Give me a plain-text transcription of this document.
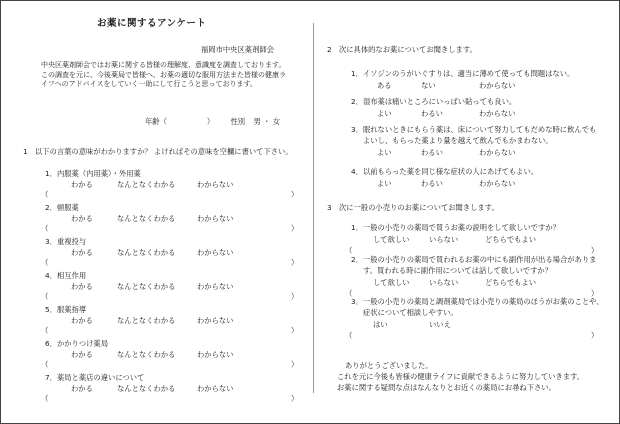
お薬に関するアンケート
福岡市中央区薬剤師会
中央区薬剤師会ではお薬に関する皆様の理解度、意識度を調査しております。この調査を元に、今後薬局で皆様へ、お薬の適切な服用方法また皆様の健康ライフへのアドバイスをしていく一助にして行こうと思っております。
年齢（	） 性別 男 ・ 女
1　以下の言葉の意味がわかりますか？ よければその意味を空欄に書いて下さい。
1．内服薬（内用薬）・外用薬
わかる	なんとなくわかる	わからない
（	）
2．頓服薬
わかる	なんとなくわかる	わからない
（	）
3．重複投与
わかる	なんとなくわかる	わからない
（	）
4．相互作用
わかる	なんとなくわかる	わからない
（	）
5．服薬指導
わかる	なんとなくわかる	わからない
（	）
6．かかりつけ薬局
わかる	なんとなくわかる	わからない
（	）
7．薬局と薬店の違いについて
わかる	なんとなくわかる	わからない
（	）
2　次に具体的なお薬についてお聞きします。
1．イソジンのうがいぐすりは、適当に薄めて使っても問題はない。
ある	ない	わからない
2．湿布薬は痛いところにいっぱい貼っても良い。
よい	わるい	わからない
3．眠れないときにもらう薬は、床について努力してもだめな時に飲んでも
よいし、もらった薬より量を越えて飲んでもかまわない。
よい	わるい	わからない
4．以前もらった薬を同じ様な症状の人にあげてもよい。
よい	わるい	わからない
3　次に一般の小売りのお薬についてお聞きします。
1．一般の小売りの薬局で買うお薬の説明をして欲しいですか？
して欲しい	いらない	どちらでもよい
（	）
2．一般の小売りの薬局で買われるお薬の中にも副作用が出る場合がありま
す。買われる時に副作用については話して欲しいですか？
して欲しい	いらない	どちらでもよい
（	）
3．一般の小売りの薬局と調剤薬局では小売りの薬局のほうがお薬のことや、
症状について相談しやすい。
はい	いいえ
（	）
ありがとうございました。
これを元に今後も皆様の健康ライフに貢献できるように努力していきます。
お薬に関する疑問な点はなんなりとお近くの薬局にお尋ね下さい。
